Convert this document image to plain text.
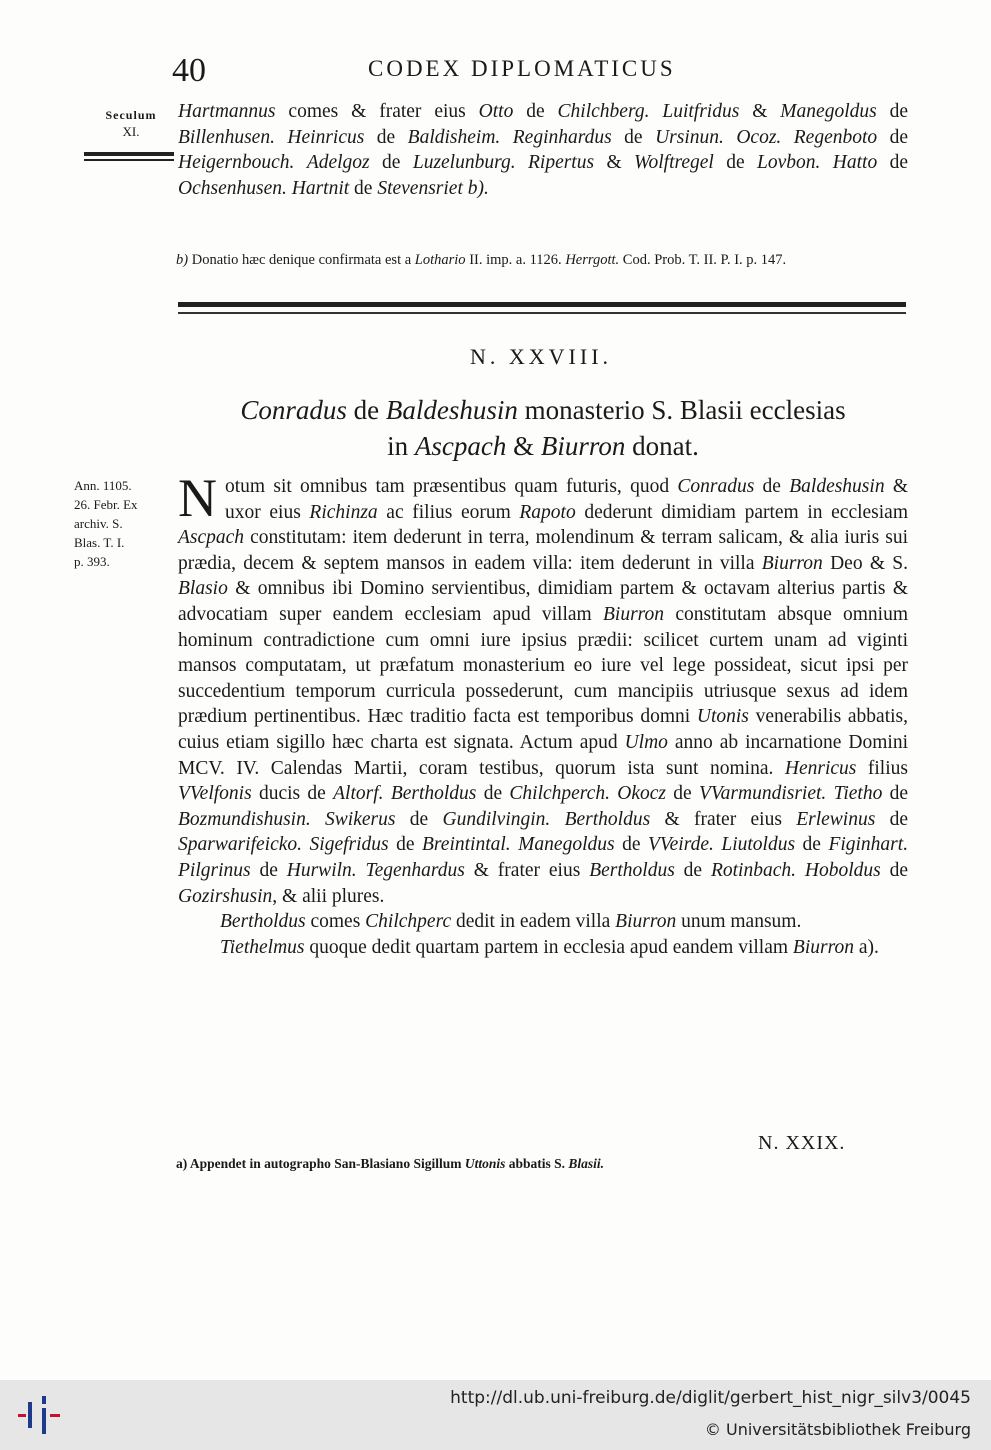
40	CODEX DIPLOMATICUS
Seculum
XI.

Hartmannus comes & frater eius Otto de Chilchberg. Luitfridus & Manegoldus de Billenhusen. Heinricus de Baldisheim. Reginhardus de Ursinun. Ocoz. Regenboto de Heigernbouch. Adelgoz de Luzelunburg. Ripertus & Wolftregel de Lovbon. Hatto de Ochsenhusen. Hartnit de Stevensriet b).

b) Donatio hæc denique confirmata est a Lothario II. imp. a. 1126. Herrgott. Cod. Prob. T. II. P. I. p. 147.
N. XXVIII.
Conradus de Baldeshusin monasterio S. Blasii ecclesias
in Ascpach & Biurron donat.
Ann. 1105.
26. Febr. Ex
archiv. S.
Blas. T. I.
p. 393.

Notum sit omnibus tam præsentibus quam futuris, quod Conradus de Baldeshusin & uxor eius Richinza ac filius eorum Rapoto dederunt dimidiam partem in ecclesiam Ascpach constitutam: item dederunt in terra, molendinum & terram salicam, & alia iuris sui prædia, decem & septem mansos in eadem villa: item dederunt in villa Biurron Deo & S. Blasio & omnibus ibi Domino servientibus, dimidiam partem & octavam alterius partis & advocatiam super eandem ecclesiam apud villam Biurron constitutam absque omnium hominum contradictione cum omni iure ipsius prædii: scilicet curtem unam ad viginti mansos computatam, ut præfatum monasterium eo iure vel lege possideat, sicut ipsi per succedentium temporum curricula possederunt, cum mancipiis utriusque sexus ad idem prædium pertinentibus. Hæc traditio facta est temporibus domni Utonis venerabilis abbatis, cuius etiam sigillo hæc charta est signata. Actum apud Ulmo anno ab incarnatione Domini MCV. IV. Calendas Martii, coram testibus, quorum ista sunt nomina. Henricus filius VVelfonis ducis de Altorf. Bertholdus de Chilchperch. Okocz de VVarmundisriet. Tietho de Bozmundishusin. Swikerus de Gundilvingin. Bertholdus & frater eius Erlewinus de Sparwarifeicko. Sigefridus de Breintintal. Manegoldus de VVeirde. Liutoldus de Figinhart. Pilgrinus de Hurwiln. Tegenhardus & frater eius Bertholdus de Rotinbach. Hoboldus de Gozirshusin, & alii plures.

Bertholdus comes Chilchperc dedit in eadem villa Biurron unum mansum.

Tiethelmus quoque dedit quartam partem in ecclesia apud eandem villam Biurron a).

N. XXIX.
a) Appendet in autographo San-Blasiano Sigillum Uttonis abbatis S. Blasii.
http://dl.ub.uni-freiburg.de/diglit/gerbert_hist_nigr_silv3/0045
© Universitätsbibliothek Freiburg
